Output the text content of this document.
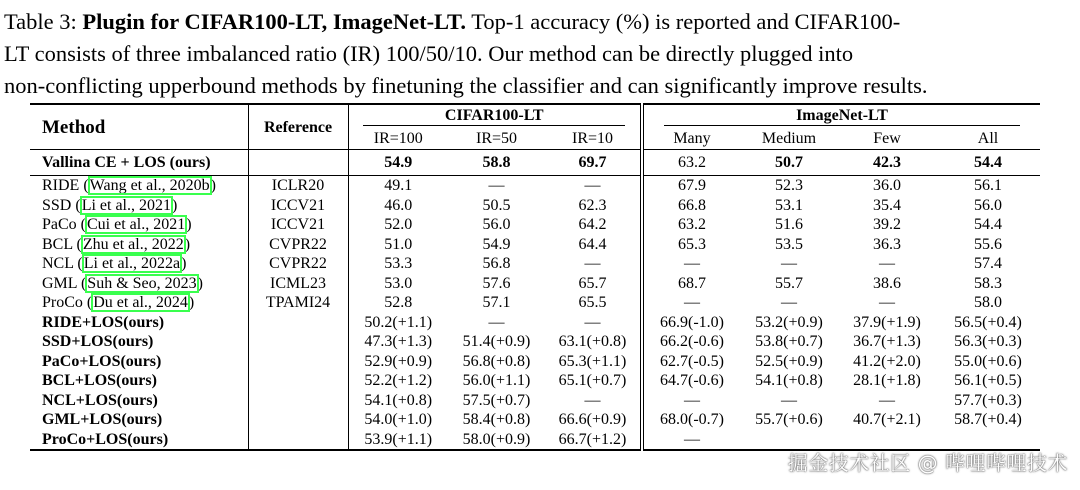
Table 3: Plugin for CIFAR100-LT, ImageNet-LT. Top-1 accuracy (%) is reported and CIFAR100-
LT consists of three imbalanced ratio (IR) 100/50/10. Our method can be directly plugged into
non-conflicting upperbound methods by finetuning the classifier and can significantly improve results.
Method	Reference	CIFAR100-LT			ImageNet-LT			
		IR=100	IR=50	IR=10	Many	Medium	Few	All
Vallina CE + LOS (ours)		54.9	58.8	69.7	63.2	50.7	42.3	54.4
RIDE (Wang et al., 2020b)	ICLR20	49.1	—	—	67.9	52.3	36.0	56.1
SSD (Li et al., 2021)	ICCV21	46.0	50.5	62.3	66.8	53.1	35.4	56.0
PaCo (Cui et al., 2021)	ICCV21	52.0	56.0	64.2	63.2	51.6	39.2	54.4
BCL (Zhu et al., 2022)	CVPR22	51.0	54.9	64.4	65.3	53.5	36.3	55.6
NCL (Li et al., 2022a)	CVPR22	53.3	56.8	—	—	—	—	57.4
GML (Suh & Seo, 2023)	ICML23	53.0	57.6	65.7	68.7	55.7	38.6	58.3
ProCo (Du et al., 2024)	TPAMI24	52.8	57.1	65.5	—	—	—	58.0
RIDE+LOS(ours)		50.2(+1.1)	—	—	66.9(-1.0)	53.2(+0.9)	37.9(+1.9)	56.5(+0.4)
SSD+LOS(ours)		47.3(+1.3)	51.4(+0.9)	63.1(+0.8)	66.2(-0.6)	53.8(+0.7)	36.7(+1.3)	56.3(+0.3)
PaCo+LOS(ours)		52.9(+0.9)	56.8(+0.8)	65.3(+1.1)	62.7(-0.5)	52.5(+0.9)	41.2(+2.0)	55.0(+0.6)
BCL+LOS(ours)		52.2(+1.2)	56.0(+1.1)	65.1(+0.7)	64.7(-0.6)	54.1(+0.8)	28.1(+1.8)	56.1(+0.5)
NCL+LOS(ours)		54.1(+0.8)	57.5(+0.7)	—	—	—	—	57.7(+0.3)
GML+LOS(ours)		54.0(+1.0)	58.4(+0.8)	66.6(+0.9)	68.0(-0.7)	55.7(+0.6)	40.7(+2.1)	58.7(+0.4)
ProCo+LOS(ours)		53.9(+1.1)	58.0(+0.9)	66.7(+1.2)	—			
掘金技术社区 @ 哔哩哔哩技术
